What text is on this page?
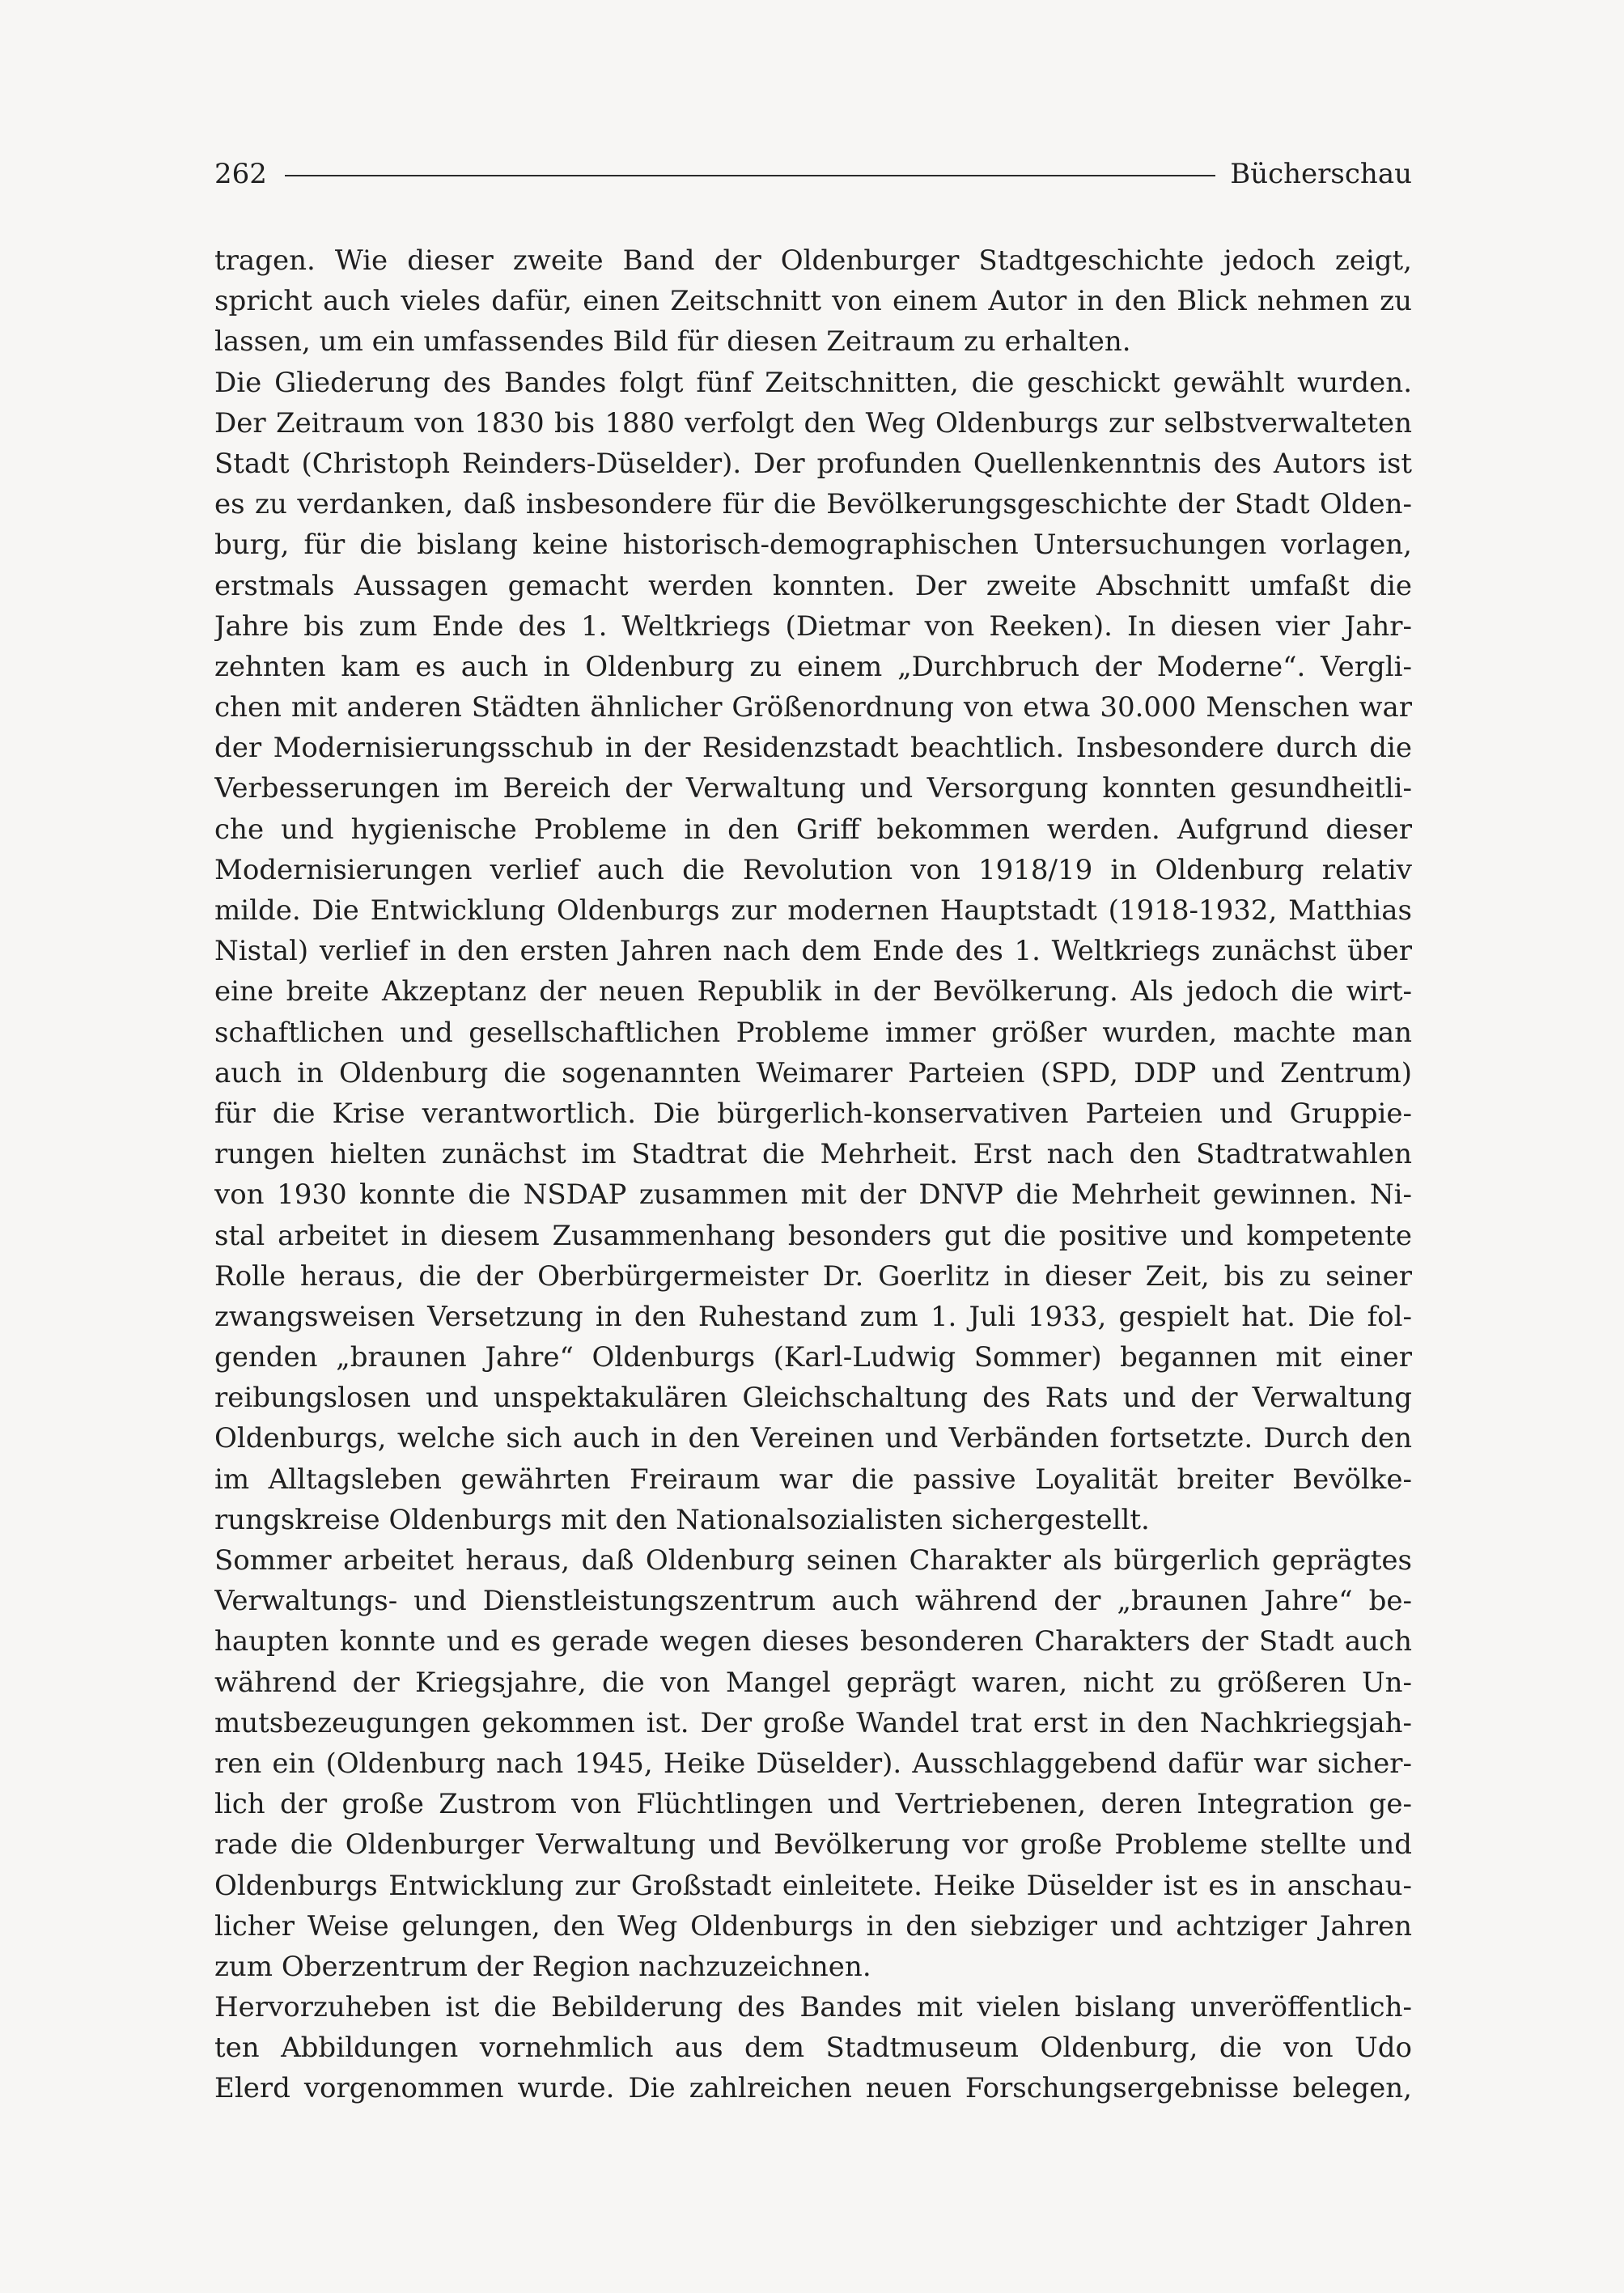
262	Bücherschau
tragen. Wie dieser zweite Band der Oldenburger Stadtgeschichte jedoch zeigt,
spricht auch vieles dafür, einen Zeitschnitt von einem Autor in den Blick nehmen zu
lassen, um ein umfassendes Bild für diesen Zeitraum zu erhalten.
Die Gliederung des Bandes folgt fünf Zeitschnitten, die geschickt gewählt wurden.
Der Zeitraum von 1830 bis 1880 verfolgt den Weg Oldenburgs zur selbstverwalteten
Stadt (Christoph Reinders-Düselder). Der profunden Quellenkenntnis des Autors ist
es zu verdanken, daß insbesondere für die Bevölkerungsgeschichte der Stadt Olden-
burg, für die bislang keine historisch-demographischen Untersuchungen vorlagen,
erstmals Aussagen gemacht werden konnten. Der zweite Abschnitt umfaßt die
Jahre bis zum Ende des 1. Weltkriegs (Dietmar von Reeken). In diesen vier Jahr-
zehnten kam es auch in Oldenburg zu einem „Durchbruch der Moderne“. Vergli-
chen mit anderen Städten ähnlicher Größenordnung von etwa 30.000 Menschen war
der Modernisierungsschub in der Residenzstadt beachtlich. Insbesondere durch die
Verbesserungen im Bereich der Verwaltung und Versorgung konnten gesundheitli-
che und hygienische Probleme in den Griff bekommen werden. Aufgrund dieser
Modernisierungen verlief auch die Revolution von 1918/19 in Oldenburg relativ
milde. Die Entwicklung Oldenburgs zur modernen Hauptstadt (1918-1932, Matthias
Nistal) verlief in den ersten Jahren nach dem Ende des 1. Weltkriegs zunächst über
eine breite Akzeptanz der neuen Republik in der Bevölkerung. Als jedoch die wirt-
schaftlichen und gesellschaftlichen Probleme immer größer wurden, machte man
auch in Oldenburg die sogenannten Weimarer Parteien (SPD, DDP und Zentrum)
für die Krise verantwortlich. Die bürgerlich-konservativen Parteien und Gruppie-
rungen hielten zunächst im Stadtrat die Mehrheit. Erst nach den Stadtratwahlen
von 1930 konnte die NSDAP zusammen mit der DNVP die Mehrheit gewinnen. Ni-
stal arbeitet in diesem Zusammenhang besonders gut die positive und kompetente
Rolle heraus, die der Oberbürgermeister Dr. Goerlitz in dieser Zeit, bis zu seiner
zwangsweisen Versetzung in den Ruhestand zum 1. Juli 1933, gespielt hat. Die fol-
genden „braunen Jahre“ Oldenburgs (Karl-Ludwig Sommer) begannen mit einer
reibungslosen und unspektakulären Gleichschaltung des Rats und der Verwaltung
Oldenburgs, welche sich auch in den Vereinen und Verbänden fortsetzte. Durch den
im Alltagsleben gewährten Freiraum war die passive Loyalität breiter Bevölke-
rungskreise Oldenburgs mit den Nationalsozialisten sichergestellt.
Sommer arbeitet heraus, daß Oldenburg seinen Charakter als bürgerlich geprägtes
Verwaltungs- und Dienstleistungszentrum auch während der „braunen Jahre“ be-
haupten konnte und es gerade wegen dieses besonderen Charakters der Stadt auch
während der Kriegsjahre, die von Mangel geprägt waren, nicht zu größeren Un-
mutsbezeugungen gekommen ist. Der große Wandel trat erst in den Nachkriegsjah-
ren ein (Oldenburg nach 1945, Heike Düselder). Ausschlaggebend dafür war sicher-
lich der große Zustrom von Flüchtlingen und Vertriebenen, deren Integration ge-
rade die Oldenburger Verwaltung und Bevölkerung vor große Probleme stellte und
Oldenburgs Entwicklung zur Großstadt einleitete. Heike Düselder ist es in anschau-
licher Weise gelungen, den Weg Oldenburgs in den siebziger und achtziger Jahren
zum Oberzentrum der Region nachzuzeichnen.
Hervorzuheben ist die Bebilderung des Bandes mit vielen bislang unveröffentlich-
ten Abbildungen vornehmlich aus dem Stadtmuseum Oldenburg, die von Udo
Elerd vorgenommen wurde. Die zahlreichen neuen Forschungsergebnisse belegen,
